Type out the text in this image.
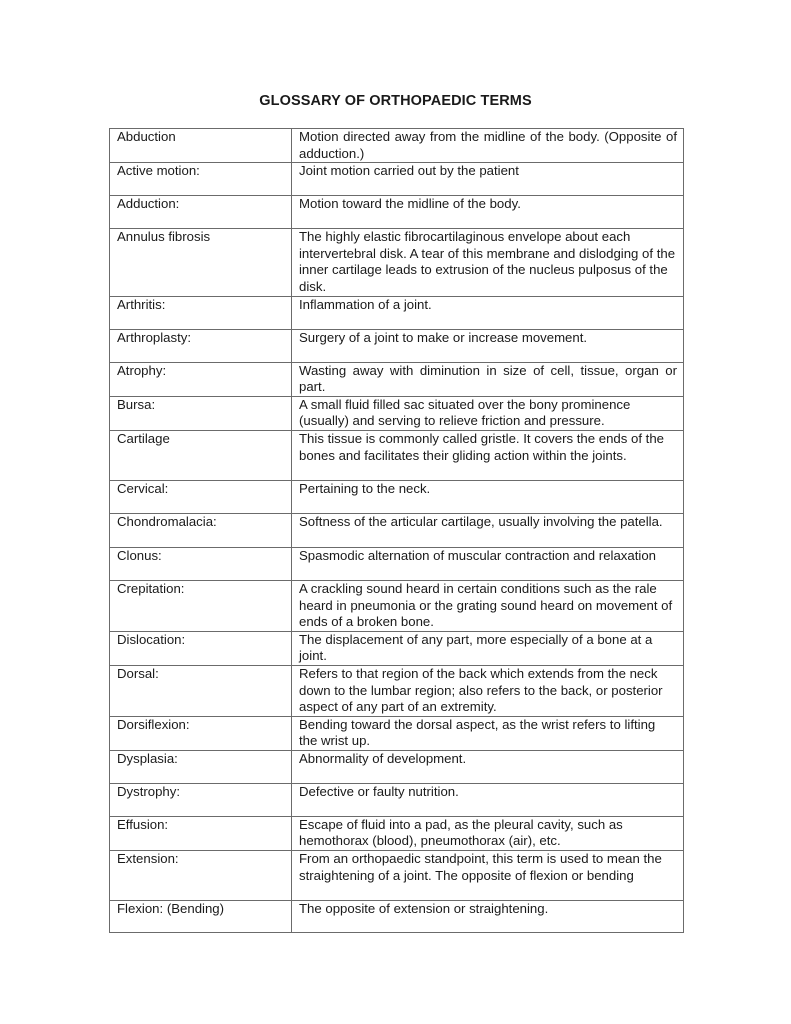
GLOSSARY OF ORTHOPAEDIC TERMS
Abduction	Motion directed away from the midline of the body. (Opposite of adduction.)
Active motion:	Joint motion carried out by the patient
Adduction:	Motion toward the midline of the body.
Annulus fibrosis	The highly elastic fibrocartilaginous envelope about each intervertebral disk. A tear of this membrane and dislodging of the inner cartilage leads to extrusion of the nucleus pulposus of the disk.
Arthritis:	Inflammation of a joint.
Arthroplasty:	Surgery of a joint to make or increase movement.
Atrophy:	Wasting away with diminution in size of cell, tissue, organ or part.
Bursa:	A small fluid filled sac situated over the bony prominence (usually) and serving to relieve friction and pressure.
Cartilage	This tissue is commonly called gristle. It covers the ends of the bones and facilitates their gliding action within the joints.
Cervical:	Pertaining to the neck.
Chondromalacia:	Softness of the articular cartilage, usually involving the patella.
Clonus:	Spasmodic alternation of muscular contraction and relaxation
Crepitation:	A crackling sound heard in certain conditions such as the rale heard in pneumonia or the grating sound heard on movement of ends of a broken bone.
Dislocation:	The displacement of any part, more especially of a bone at a joint.
Dorsal:	Refers to that region of the back which extends from the neck down to the lumbar region; also refers to the back, or posterior aspect of any part of an extremity.
Dorsiflexion:	Bending toward the dorsal aspect, as the wrist refers to lifting the wrist up.
Dysplasia:	Abnormality of development.
Dystrophy:	Defective or faulty nutrition.
Effusion:	Escape of fluid into a pad, as the pleural cavity, such as hemothorax (blood), pneumothorax (air), etc.
Extension:	From an orthopaedic standpoint, this term is used to mean the straightening of a joint. The opposite of flexion or bending
Flexion: (Bending)	The opposite of extension or straightening.
